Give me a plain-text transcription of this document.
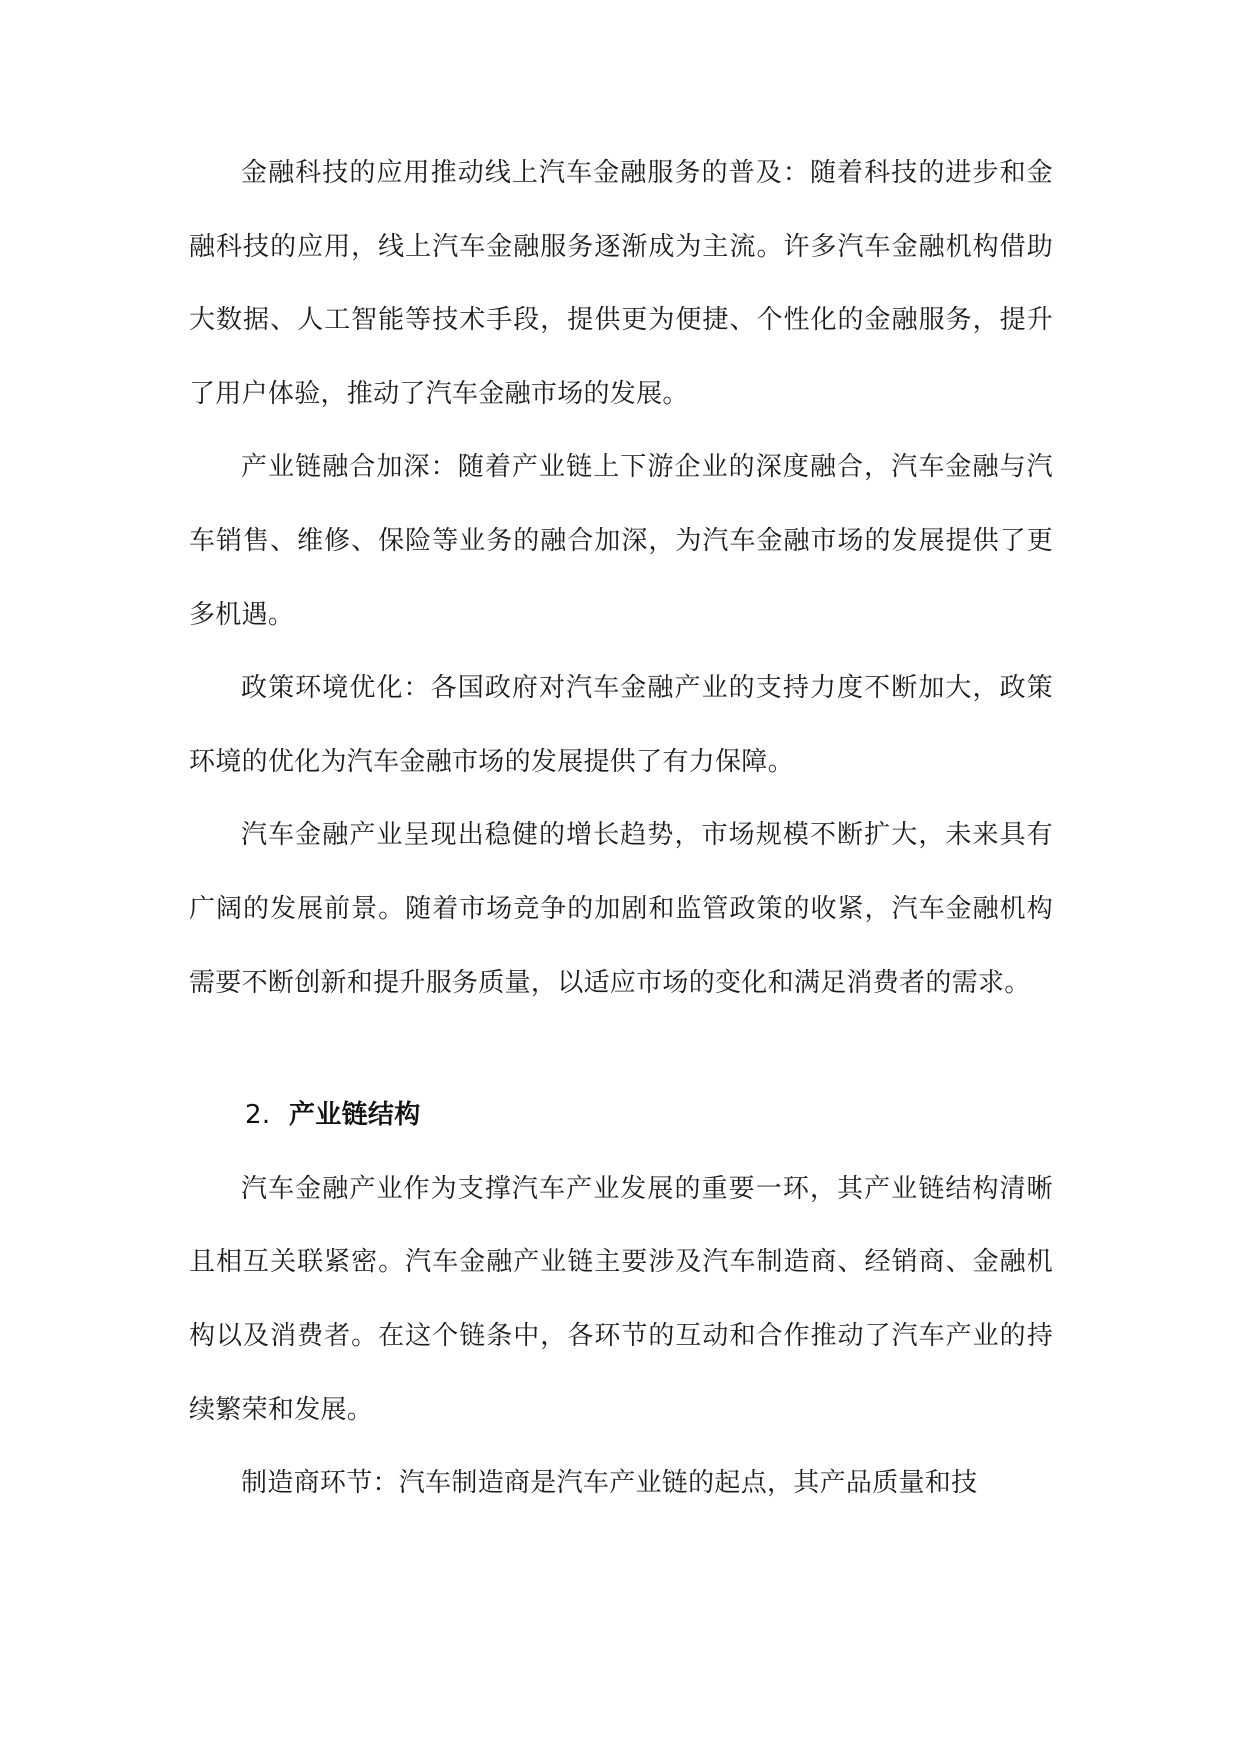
金融科技的应用推动线上汽车金融服务的普及：随着科技的进步和金融科技的应用，线上汽车金融服务逐渐成为主流。许多汽车金融机构借助大数据、人工智能等技术手段，提供更为便捷、个性化的金融服务，提升了用户体验，推动了汽车金融市场的发展。

产业链融合加深：随着产业链上下游企业的深度融合，汽车金融与汽车销售、维修、保险等业务的融合加深，为汽车金融市场的发展提供了更多机遇。

政策环境优化：各国政府对汽车金融产业的支持力度不断加大，政策环境的优化为汽车金融市场的发展提供了有力保障。

汽车金融产业呈现出稳健的增长趋势，市场规模不断扩大，未来具有广阔的发展前景。随着市场竞争的加剧和监管政策的收紧，汽车金融机构需要不断创新和提升服务质量，以适应市场的变化和满足消费者的需求。

2. 产业链结构

汽车金融产业作为支撑汽车产业发展的重要一环，其产业链结构清晰且相互关联紧密。汽车金融产业链主要涉及汽车制造商、经销商、金融机构以及消费者。在这个链条中，各环节的互动和合作推动了汽车产业的持续繁荣和发展。

制造商环节：汽车制造商是汽车产业链的起点，其产品质量和技
